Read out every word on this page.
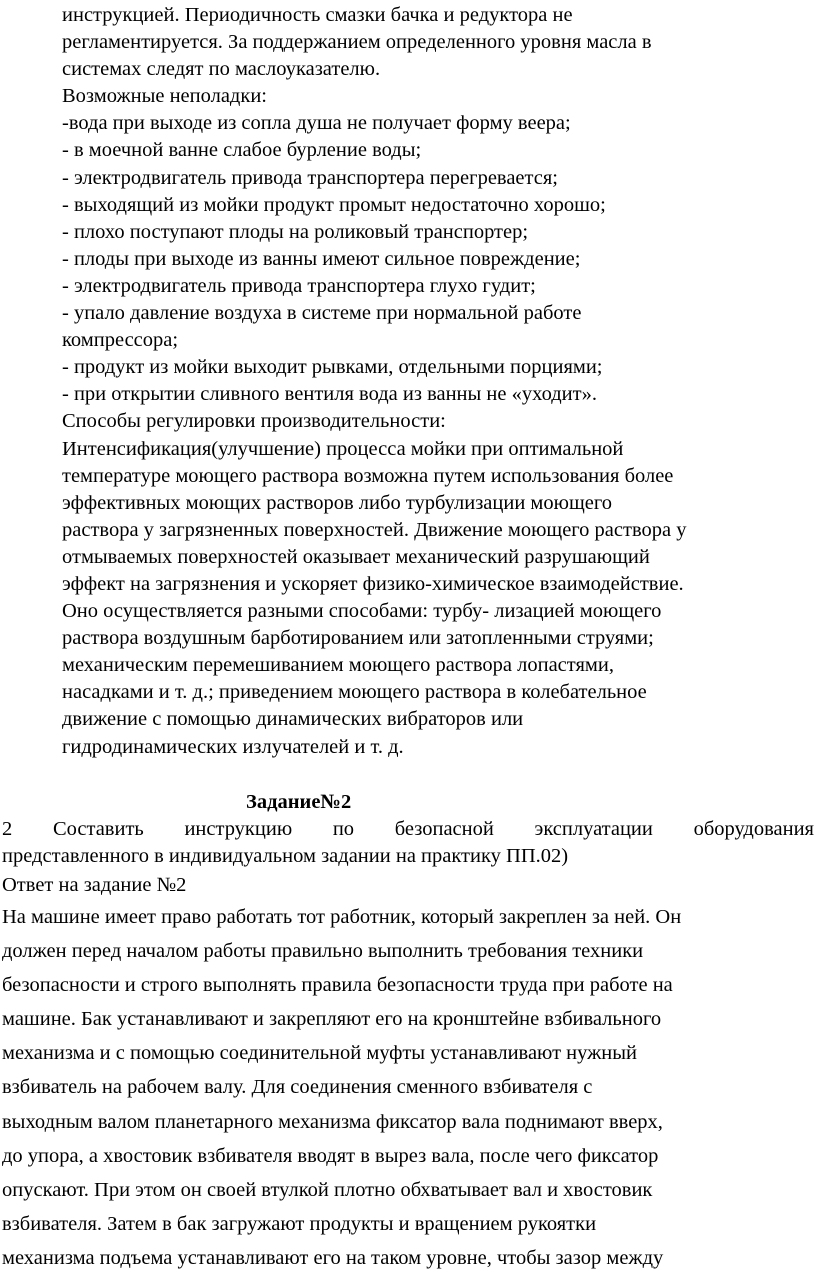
инструкцией. Периодичность смазки бачка и редуктора не

регламентируется. За поддержанием определенного уровня масла в

системах следят по маслоуказателю.

Возможные неполадки:

-вода при выходе из сопла душа не получает форму веера;

- в моечной ванне слабое бурление воды;

- электродвигатель привода транспортера перегревается;

- выходящий из мойки продукт промыт недостаточно хорошо;

- плохо поступают плоды на роликовый транспортер;

- плоды при выходе из ванны имеют сильное повреждение;

- электродвигатель привода транспортера глухо гудит;

- упало давление воздуха в системе при нормальной работе

компрессора;

- продукт из мойки выходит рывками, отдельными порциями;

- при открытии сливного вентиля вода из ванны не «уходит».

Способы регулировки производительности:

Интенсификация(улучшение) процесса мойки при оптимальной

температуре моющего раствора возможна путем использования более

эффективных моющих растворов либо турбулизации моющего

раствора у загрязненных поверхностей. Движение моющего раствора у

отмываемых поверхностей оказывает механический разрушающий

эффект на загрязнения и ускоряет физико-химическое взаимодействие.

Оно осуществляется разными способами: турбу- лизацией моющего

раствора воздушным барботированием или затопленными струями;

механическим перемешиванием моющего раствора лопастями,

насадками и т. д.; приведением моющего раствора в колебательное

движение с помощью динамических вибраторов или

гидродинамических излучателей и т. д.

Задание№2

2 Составить инструкцию по безопасной эксплуатации оборудования
представленного в индивидуальном задании на практику ПП.02)

Ответ на задание №2

На машине имеет право работать тот работник, который закреплен за ней. Он

должен перед началом работы правильно выполнить требования техники

безопасности и строго выполнять правила безопасности труда при работе на

машине. Бак устанавливают и закрепляют его на кронштейне взбивального

механизма и с помощью соединительной муфты устанавливают нужный

взбиватель на рабочем валу. Для соединения сменного взбивателя с

выходным валом планетарного механизма фиксатор вала поднимают вверх,

до упора, а хвостовик взбивателя вводят в вырез вала, после чего фиксатор

опускают. При этом он своей втулкой плотно обхватывает вал и хвостовик

взбивателя. Затем в бак загружают продукты и вращением рукоятки

механизма подъема устанавливают его на таком уровне, чтобы зазор между
